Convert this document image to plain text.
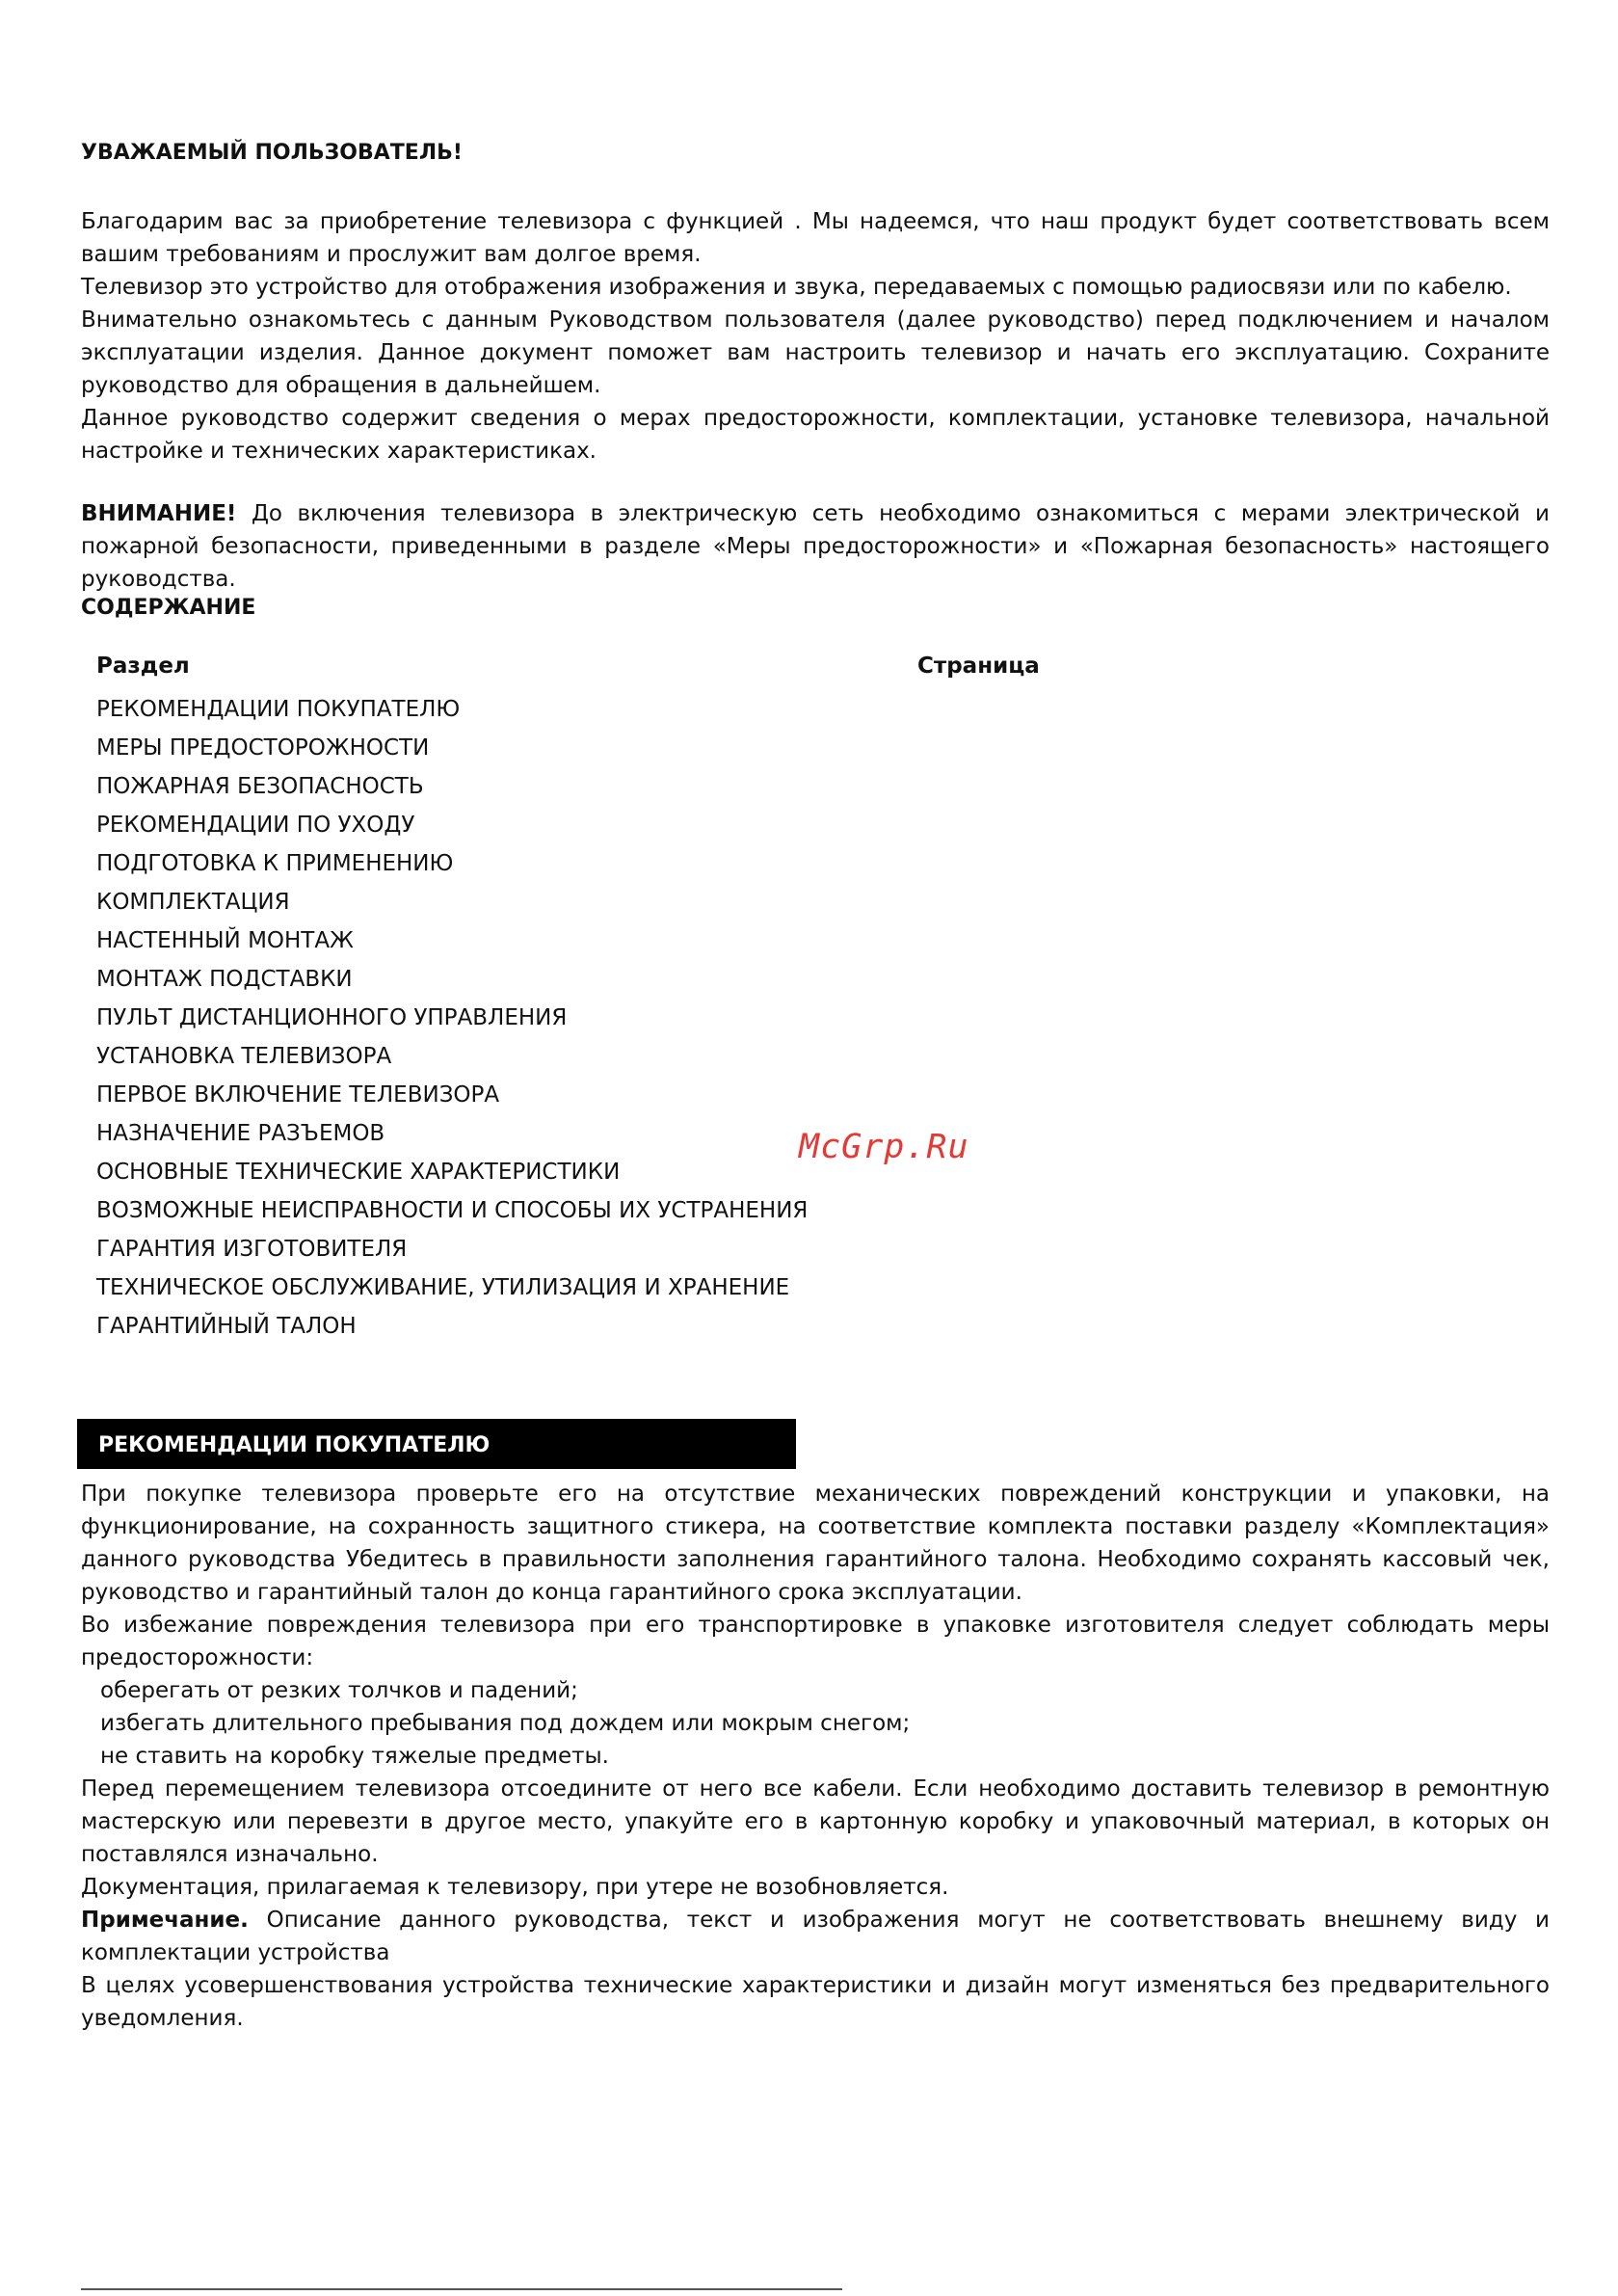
УВАЖАЕМЫЙ ПОЛЬЗОВАТЕЛЬ!

Благодарим вас за приобретение телевизора с функцией . Мы надеемся, что наш продукт будет соответствовать всем вашим требованиям и прослужит вам долгое время.

Телевизор это устройство для отображения изображения и звука, передаваемых с помощью радиосвязи или по кабелю.

Внимательно ознакомьтесь с данным Руководством пользователя (далее руководство) перед подключением и началом эксплуатации изделия. Данное документ поможет вам настроить телевизор и начать его эксплуатацию. Сохраните руководство для обращения в дальнейшем.

Данное руководство содержит сведения о мерах предосторожности, комплектации, установке телевизора, начальной настройке и технических характеристиках.

ВНИМАНИЕ! До включения телевизора в электрическую сеть необходимо ознакомиться с мерами электрической и пожарной безопасности, приведенными в разделе «Меры предосторожности» и «Пожарная безопасность» настоящего руководства.

СОДЕРЖАНИЕ
Раздел	Страница
РЕКОМЕНДАЦИИ ПОКУПАТЕЛЮ
МЕРЫ ПРЕДОСТОРОЖНОСТИ
ПОЖАРНАЯ БЕЗОПАСНОСТЬ
РЕКОМЕНДАЦИИ ПО УХОДУ
ПОДГОТОВКА К ПРИМЕНЕНИЮ
КОМПЛЕКТАЦИЯ
НАСТЕННЫЙ МОНТАЖ
МОНТАЖ ПОДСТАВКИ
ПУЛЬТ ДИСТАНЦИОННОГО УПРАВЛЕНИЯ
УСТАНОВКА ТЕЛЕВИЗОРА
ПЕРВОЕ ВКЛЮЧЕНИЕ ТЕЛЕВИЗОРА
НАЗНАЧЕНИЕ РАЗЪЕМОВ
ОСНОВНЫЕ ТЕХНИЧЕСКИЕ ХАРАКТЕРИСТИКИ
ВОЗМОЖНЫЕ НЕИСПРАВНОСТИ И СПОСОБЫ ИХ УСТРАНЕНИЯ
ГАРАНТИЯ ИЗГОТОВИТЕЛЯ
ТЕХНИЧЕСКОЕ ОБСЛУЖИВАНИЕ, УТИЛИЗАЦИЯ И ХРАНЕНИЕ
ГАРАНТИЙНЫЙ ТАЛОН
McGrp.Ru
РЕКОМЕНДАЦИИ ПОКУПАТЕЛЮ

При покупке телевизора проверьте его на отсутствие механических повреждений конструкции и упаковки, на функционирование, на сохранность защитного стикера, на соответствие комплекта поставки разделу «Комплектация» данного руководства Убедитесь в правильности заполнения гарантийного талона. Необходимо сохранять кассовый чек, руководство и гарантийный талон до конца гарантийного срока эксплуатации.

Во избежание повреждения телевизора при его транспортировке в упаковке изготовителя следует соблюдать меры предосторожности:

оберегать от резких толчков и падений;

избегать длительного пребывания под дождем или мокрым снегом;

не ставить на коробку тяжелые предметы.

Перед перемещением телевизора отсоедините от него все кабели. Если необходимо доставить телевизор в ремонтную мастерскую или перевезти в другое место, упакуйте его в картонную коробку и упаковочный материал, в которых он поставлялся изначально.

Документация, прилагаемая к телевизору, при утере не возобновляется.

Примечание. Описание данного руководства, текст и изображения могут не соответствовать внешнему виду и комплектации устройства

В целях усовершенствования устройства технические характеристики и дизайн могут изменяться без предварительного уведомления.
